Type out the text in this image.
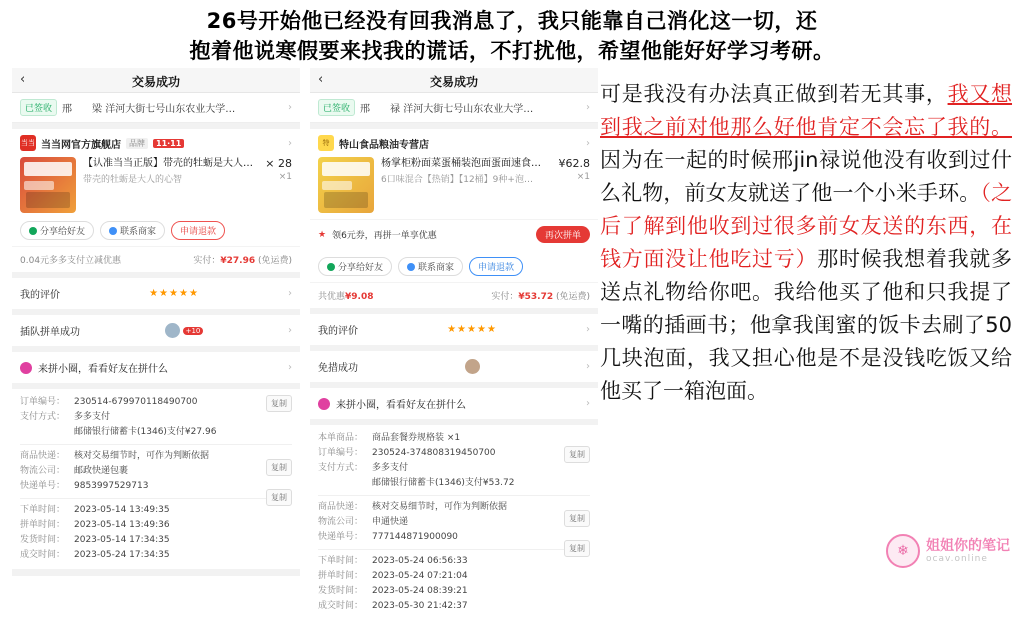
26号开始他已经没有回我消息了，我只能靠自己消化这一切，还
抱着他说寒假要来找我的谎话，不打扰他，希望他能好好学习考研。
‹	交易成功
已签收	邢　　梁 洋河大街七号山东农业大学…	›
当当 当当网官方旗舰店	品牌	11·11	›
【认准当当正版】带壳的牡蛎是大人…
带壳的牡蛎是大人的心智
× 28
×1
分享给好友	联系商家	申请退款
0.04元多多支付立减优惠	实付：¥27.96 (免运费)
我的评价	★★★★★	›
插队拼单成功	+10	›
来拼小圈，看看好友在拼什么	›
订单编号： 230514-679970118490700	复制
支付方式： 多多支付
邮储银行储蓄卡(1346)支付¥27.96
商品快递： 核对交易细节时，可作为判断依据
复制
物流公司： 邮政快递包裹
快递单号： 9853997529713
复制
下单时间： 2023-05-14 13:49:35
拼单时间： 2023-05-14 13:49:36
发货时间： 2023-05-14 17:34:35
成交时间： 2023-05-24 17:34:35
‹	交易成功
已签收	邢　　禄 洋河大街七号山东农业大学…	›
特 特山食品粮油专营店	›
杨掌柜粉面菜蛋桶装泡面蛋面速食…
6口味混合【热销】【12桶】9种+泡…
¥62.8
×1
★ 领6元券，再拼一单享优惠	再次拼单
分享给好友	联系商家	申请退款
共优惠¥9.08	实付：¥53.72 (免运费)
我的评价	★★★★★	›
免措成功	›
来拼小圈，看看好友在拼什么	›
本单商品： 商品套餐券规格装 ×1
订单编号： 230524-374808319450700	复制
支付方式： 多多支付
邮储银行储蓄卡(1346)支付¥53.72
商品快递： 核对交易细节时，可作为判断依据
复制
物流公司： 申通快递
快递单号： 777144871900090
复制
下单时间： 2023-05-24 06:56:33
拼单时间： 2023-05-24 07:21:04
发货时间： 2023-05-24 08:39:21
成交时间： 2023-05-30 21:42:37
可是我没有办法真正做到若无其事，我又想到我之前对他那么好他肯定不会忘了我的。因为在一起的时候邢jin禄说他没有收到过什么礼物，前女友就送了他一个小米手环。（之后了解到他收到过很多前女友送的东西，在钱方面没让他吃过亏）那时候我想着我就多送点礼物给你吧。我给他买了他和只我提了一嘴的插画书；他拿我闺蜜的饭卡去刷了50几块泡面，我又担心他是不是没钱吃饭又给他买了一箱泡面。
❄	姐姐你的笔记
ocav.online
